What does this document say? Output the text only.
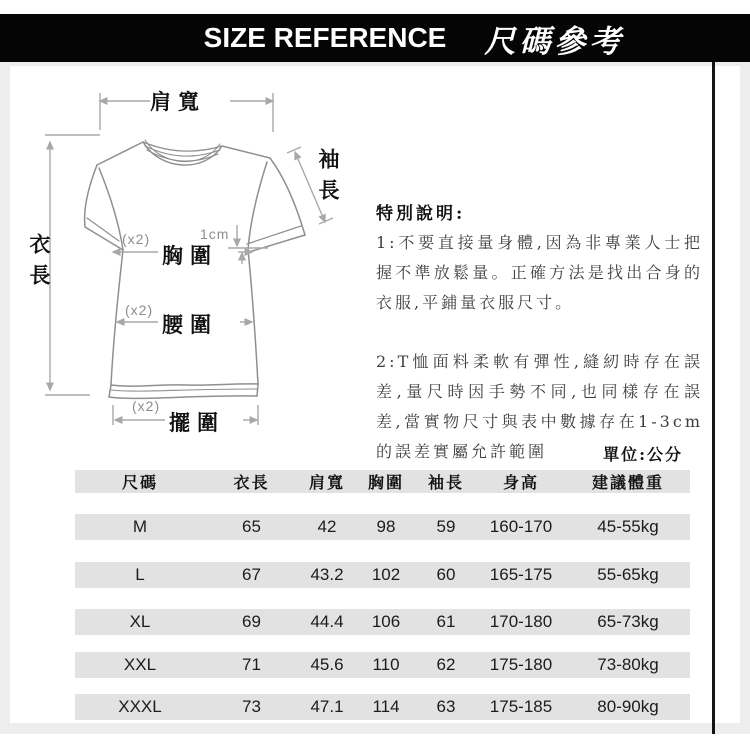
SIZE REFERENCE 尺碼參考
肩寬
衣長
袖長
胸圍
腰圍
擺圍
(x2)
(x2)
(x2)
1cm
特別說明:

1:不要直接量身體,因為非專業人士把握不準放鬆量。正確方法是找出合身的衣服,平鋪量衣服尺寸。

2:T恤面料柔軟有彈性,縫紉時存在誤差,量尺時因手勢不同,也同樣存在誤差,當實物尺寸與表中數據存在1-3cm的誤差實屬允許範圍	單位:公分
尺碼	衣長	肩寬	胸圍	袖長	身高	建議體重
M	65	42	98	59	160-170	45-55kg
L	67	43.2	102	60	165-175	55-65kg
XL	69	44.4	106	61	170-180	65-73kg
XXL	71	45.6	110	62	175-180	73-80kg
XXXL	73	47.1	114	63	175-185	80-90kg
